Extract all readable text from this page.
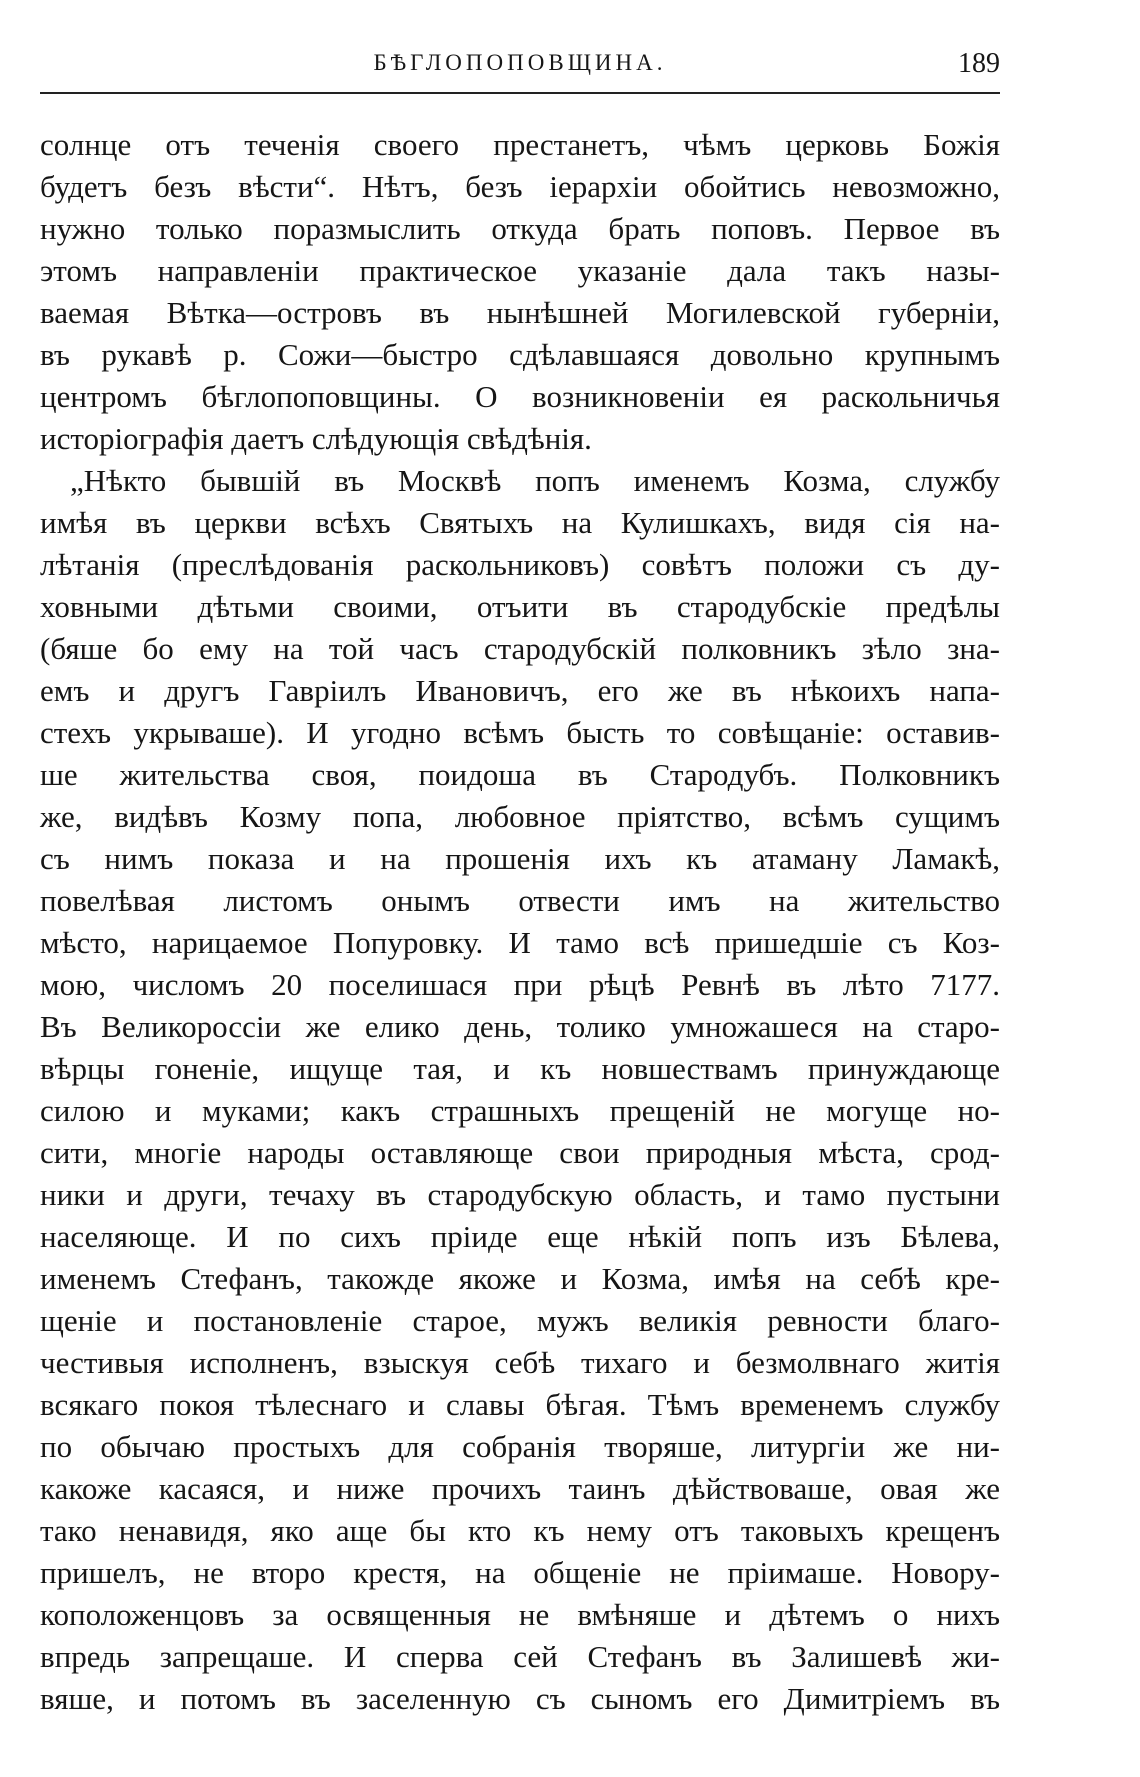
БѢГЛОПОПОВЩИНА.	189
солнце отъ теченія своего престанетъ, чѣмъ церковь Божія
будетъ безъ вѣсти“. Нѣтъ, безъ іерархіи обойтись невозможно,
нужно только поразмыслить откуда брать поповъ. Первое въ
этомъ направленіи практическое указаніе дала такъ назы-
ваемая Вѣтка—островъ въ нынѣшней Могилевской губерніи,
въ рукавѣ р. Сожи—быстро сдѣлавшаяся довольно крупнымъ
центромъ бѣглопоповщины. О возникновеніи ея раскольничья
исторіографія даетъ слѣдующія свѣдѣнія.
„Нѣкто бывшій въ Москвѣ попъ именемъ Козма, службу
имѣя въ церкви всѣхъ Святыхъ на Кулишкахъ, видя сія на-
лѣтанія (преслѣдованія раскольниковъ) совѣтъ положи съ ду-
ховными дѣтьми своими, отъити въ стародубскіе предѣлы
(бяше бо ему на той часъ стародубскій полковникъ зѣло зна-
емъ и другъ Гавріилъ Ивановичъ, его же въ нѣкоихъ напа-
стехъ укрываше). И угодно всѣмъ бысть то совѣщаніе: оставив-
ше жительства своя, поидоша въ Стародубъ. Полковникъ
же, видѣвъ Козму попа, любовное пріятство, всѣмъ сущимъ
съ нимъ показа и на прошенія ихъ къ атаману Ламакѣ,
повелѣвая листомъ онымъ отвести имъ на жительство
мѣсто, нарицаемое Попуровку. И тамо всѣ пришедшіе съ Коз-
мою, числомъ 20 поселишася при рѣцѣ Ревнѣ въ лѣто 7177.
Въ Великороссіи же елико день, толико умножашеся на старо-
вѣрцы гоненіе, ищуще тая, и къ новшествамъ принуждающе
силою и муками; какъ страшныхъ прещеній не могуще но-
сити, многіе народы оставляюще свои природныя мѣста, срод-
ники и други, течаху въ стародубскую область, и тамо пустыни
населяюще. И по сихъ пріиде еще нѣкій попъ изъ Бѣлева,
именемъ Стефанъ, такожде якоже и Козма, имѣя на себѣ кре-
щеніе и постановленіе старое, мужъ великія ревности благо-
честивыя исполненъ, взыскуя себѣ тихаго и безмолвнаго житія
всякаго покоя тѣлеснаго и славы бѣгая. Тѣмъ временемъ службу
по обычаю простыхъ для собранія творяше, литургіи же ни-
какоже касаяся, и ниже прочихъ таинъ дѣйствоваше, овая же
тако ненавидя, яко аще бы кто къ нему отъ таковыхъ крещенъ
пришелъ, не второ крестя, на общеніе не пріимаше. Новору-
коположенцовъ за освященныя не вмѣняше и дѣтемъ о нихъ
впредь запрещаше. И сперва сей Стефанъ въ Залишевѣ жи-
вяше, и потомъ въ заселенную съ сыномъ его Димитріемъ въ
